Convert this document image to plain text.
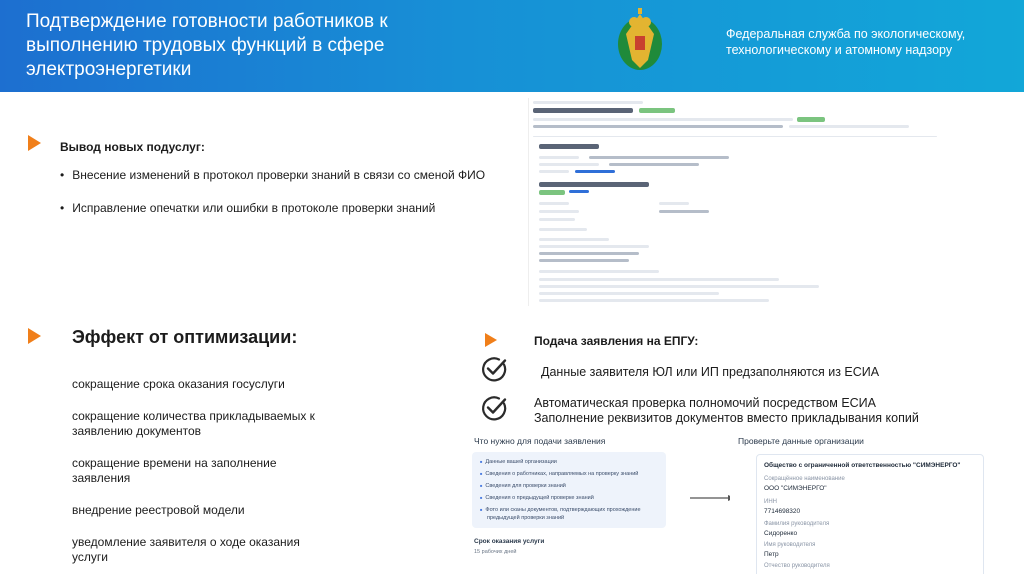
Подтверждение готовности работников к
выполнению трудовых функций в сфере
электроэнергетики
Федеральная служба по экологическому,
технологическому и атомному надзору
Вывод новых подуслуг:
• Внесение изменений в протокол проверки знаний в связи со сменой ФИО
• Исправление опечатки или ошибки в протоколе проверки знаний
Эффект от оптимизации:
сокращение срока оказания госуслуги
сокращение количества прикладываемых к
заявлению документов
сокращение времени на заполнение
заявления
внедрение реестровой модели
уведомление заявителя о ходе оказания
услуги
Подача заявления на ЕПГУ:
Данные заявителя ЮЛ или ИП предзаполняются из ЕСИА
Автоматическая проверка полномочий посредством ЕСИА
Заполнение реквизитов документов вместо прикладывания копий
Что нужно для подачи заявления
■ Данные вашей организации
■ Сведения о работниках, направляемых на проверку знаний
■ Сведения для проверки знаний
■ Сведения о предыдущей проверке знаний
■ Фото или сканы документов, подтверждающих прохождение
предыдущей проверки знаний
Срок оказания услуги
15 рабочих дней
Проверьте данные организации
Общество с ограниченной ответственностью "СИМЭНЕРГО"
Сокращённое наименование
ООО "СИМЭНЕРГО"
ИНН
7714698320
Фамилия руководителя
Сидоренко
Имя руководителя
Петр
Отчество руководителя
